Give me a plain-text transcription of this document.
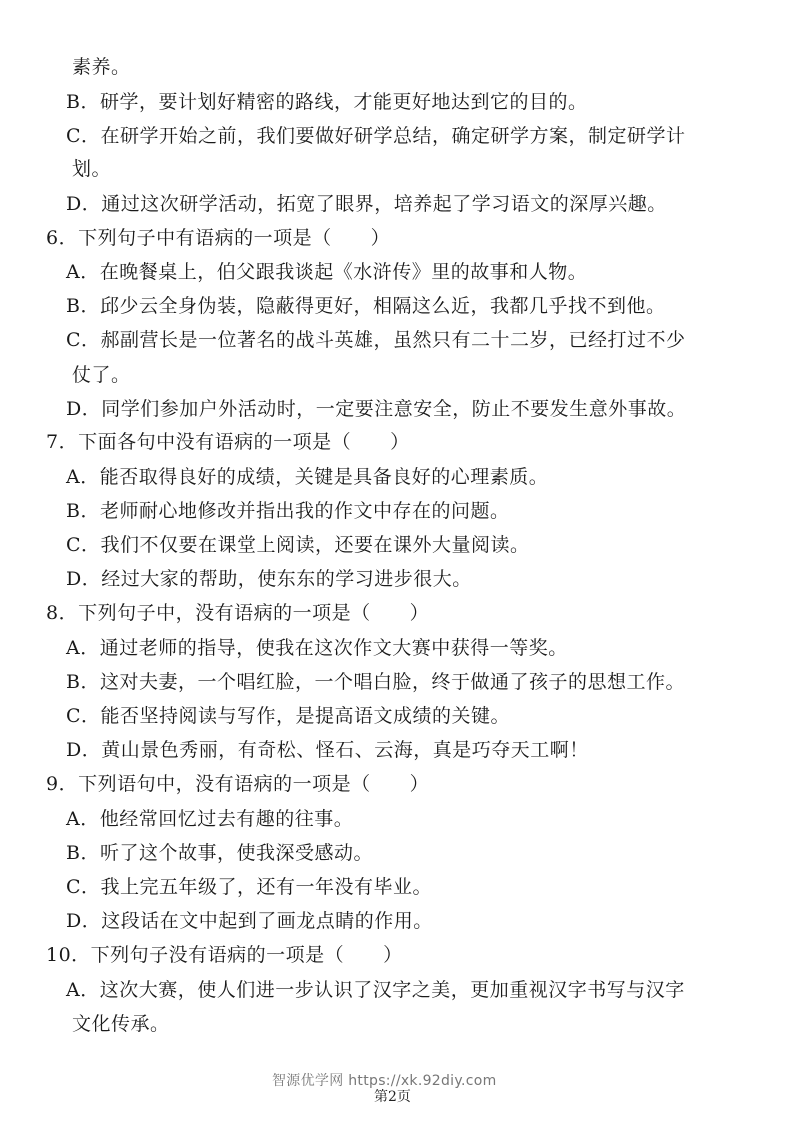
素养。
B．研学，要计划好精密的路线，才能更好地达到它的目的。
C．在研学开始之前，我们要做好研学总结，确定研学方案，制定研学计
划。
D．通过这次研学活动，拓宽了眼界，培养起了学习语文的深厚兴趣。
6．下列句子中有语病的一项是（　　）
A．在晚餐桌上，伯父跟我谈起《水浒传》里的故事和人物。
B．邱少云全身伪装，隐蔽得更好，相隔这么近，我都几乎找不到他。
C．郝副营长是一位著名的战斗英雄，虽然只有二十二岁，已经打过不少
仗了。
D．同学们参加户外活动时，一定要注意安全，防止不要发生意外事故。
7．下面各句中没有语病的一项是（　　）
A．能否取得良好的成绩，关键是具备良好的心理素质。
B．老师耐心地修改并指出我的作文中存在的问题。
C．我们不仅要在课堂上阅读，还要在课外大量阅读。
D．经过大家的帮助，使东东的学习进步很大。
8．下列句子中，没有语病的一项是（　　）
A．通过老师的指导，使我在这次作文大赛中获得一等奖。
B．这对夫妻，一个唱红脸，一个唱白脸，终于做通了孩子的思想工作。
C．能否坚持阅读与写作，是提高语文成绩的关键。
D．黄山景色秀丽，有奇松、怪石、云海，真是巧夺天工啊！
9．下列语句中，没有语病的一项是（　　）
A．他经常回忆过去有趣的往事。
B．听了这个故事，使我深受感动。
C．我上完五年级了，还有一年没有毕业。
D．这段话在文中起到了画龙点睛的作用。
10．下列句子没有语病的一项是（　　）
A．这次大赛，使人们进一步认识了汉字之美，更加重视汉字书写与汉字
文化传承。
智源优学网 https://xk.92diy.com
第2页
